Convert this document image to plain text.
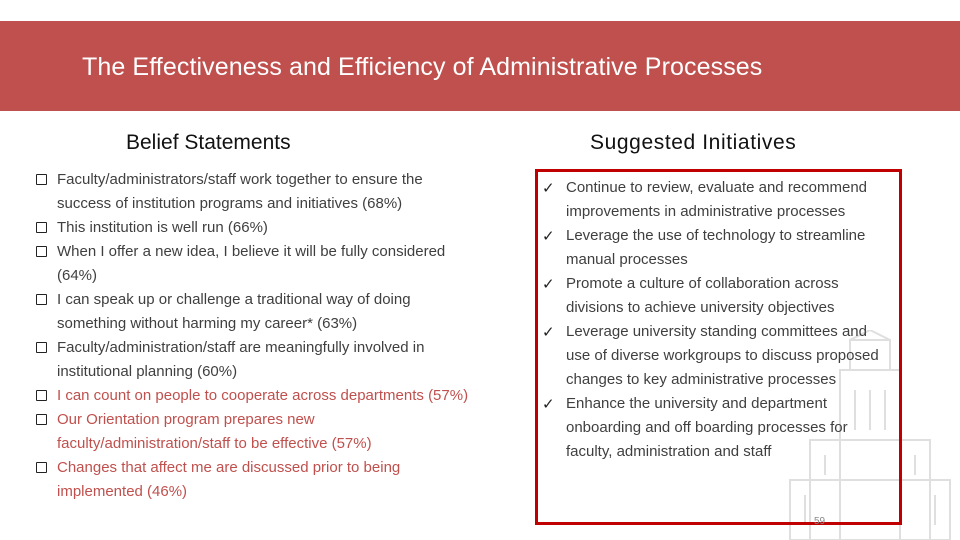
The Effectiveness and Efficiency of Administrative Processes
Belief Statements	Suggested Initiatives
Faculty/administrators/staff work together to ensure the success of institution programs and initiatives (68%)
This institution is well run (66%)
When I offer a new idea, I believe it will be fully considered (64%)
I can speak up or challenge a traditional way of doing something without harming my career* (63%)
Faculty/administration/staff are meaningfully involved in institutional planning (60%)
I can count on people to cooperate across departments (57%)
Our Orientation program prepares new faculty/administration/staff to be effective (57%)
Changes that affect me are discussed prior to being implemented (46%)
✓ Continue to review, evaluate and recommend improvements in administrative processes
✓ Leverage the use of technology to streamline manual processes
✓ Promote a culture of collaboration across divisions to achieve university objectives
✓ Leverage university standing committees and use of diverse workgroups to discuss proposed changes to key administrative processes
✓ Enhance the university and department onboarding and off boarding processes for faculty, administration and staff
59
